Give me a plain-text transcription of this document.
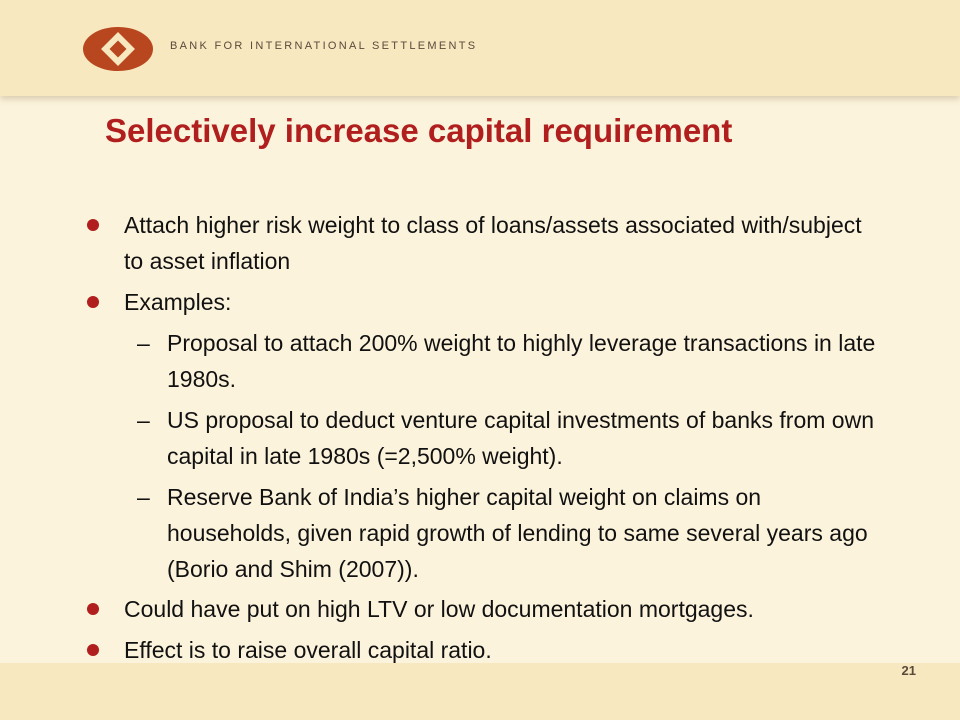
BANK FOR INTERNATIONAL SETTLEMENTS
Selectively increase capital requirement
Attach higher risk weight to class of loans/assets associated with/subject to asset inflation
Examples:
– Proposal to attach 200% weight to highly leverage transactions in late 1980s.
– US proposal to deduct venture capital investments of banks from own capital in late 1980s (=2,500% weight).
– Reserve Bank of India’s higher capital weight on claims on households, given rapid growth of lending to same several years ago (Borio and Shim (2007)).
Could have put on high LTV or low documentation mortgages.
Effect is to raise overall capital ratio.
21
